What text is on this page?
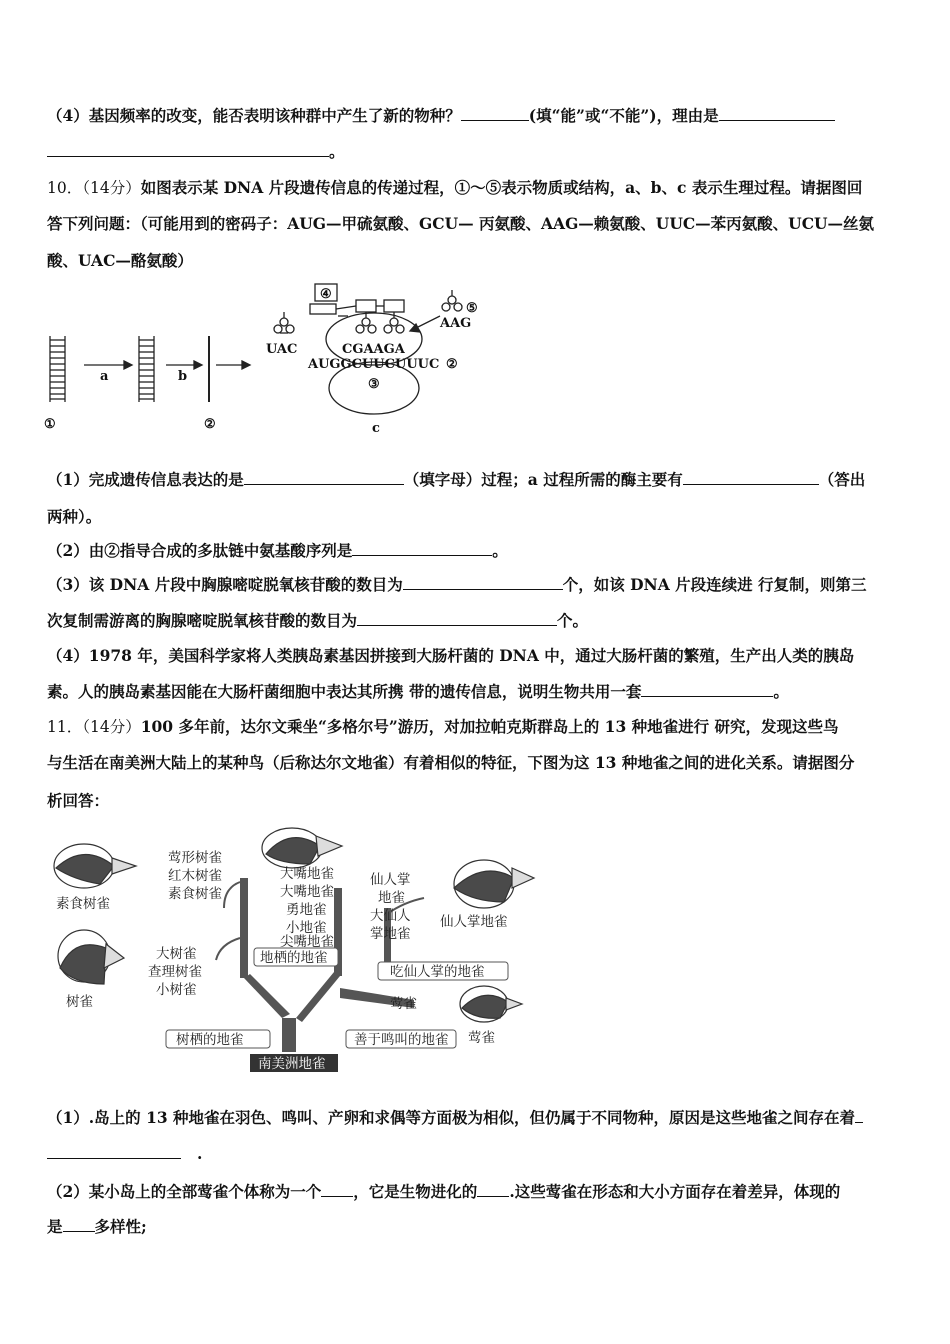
（4）基因频率的改变，能否表明该种群中产生了新的物种？	(填“能”或“不能”)，理由是
。
10．（14分）如图表示某 DNA 片段遗传信息的传递过程，①～⑤表示物质或结构，a、b、c 表示生理过程。请据图回
答下列问题：（可能用到的密码子：AUG—甲硫氨酸、GCU— 丙氨酸、AAG—赖氨酸、UUC—苯丙氨酸、UCU—丝氨
酸、UAC—酪氨酸）
①	②
④
⑤
a	b
c
UAC
AAG
CGAAGA
AUGGCUUCUUUC ②
③
（1）完成遗传信息表达的是	（填字母）过程；a 过程所需的酶主要有	（答出
两种）。
（2）由②指导合成的多肽链中氨基酸序列是	。
（3）该 DNA 片段中胸腺嘧啶脱氧核苷酸的数目为	个，如该 DNA 片段连续进 行复制，则第三
次复制需游离的胸腺嘧啶脱氧核苷酸的数目为	个。
（4）1978 年，美国科学家将人类胰岛素基因拼接到大肠杆菌的 DNA 中，通过大肠杆菌的繁殖，生产出人类的胰岛
素。人的胰岛素基因能在大肠杆菌细胞中表达其所携 带的遗传信息，说明生物共用一套	。
11．（14分）100 多年前，达尔文乘坐“多格尔号”游历，对加拉帕克斯群岛上的 13 种地雀进行 研究，发现这些鸟
与生活在南美洲大陆上的某种鸟（后称达尔文地雀）有着相似的特征，下图为这 13 种地雀之间的进化关系。请据图分
析回答：
素食树雀
树雀
仙人掌地雀
莺雀
莺形树雀
红木树雀
素食树雀
大树雀
查理树雀
小树雀
大嘴地雀
大嘴地雀
勇地雀
小地雀
尖嘴地雀
仙人掌
地雀
大仙人
掌地雀
莺雀
地栖的地雀
吃仙人掌的地雀
树栖的地雀	善于鸣叫的地雀
南美洲地雀
（1）.岛上的 13 种地雀在羽色、鸣叫、产卵和求偶等方面极为相似，但仍属于不同物种，原因是这些地雀之间存在着
.
（2）某小岛上的全部莺雀个体称为一个 ，它是生物进化的 .这些莺雀在形态和大小方面存在着差异，体现的
是 多样性;
